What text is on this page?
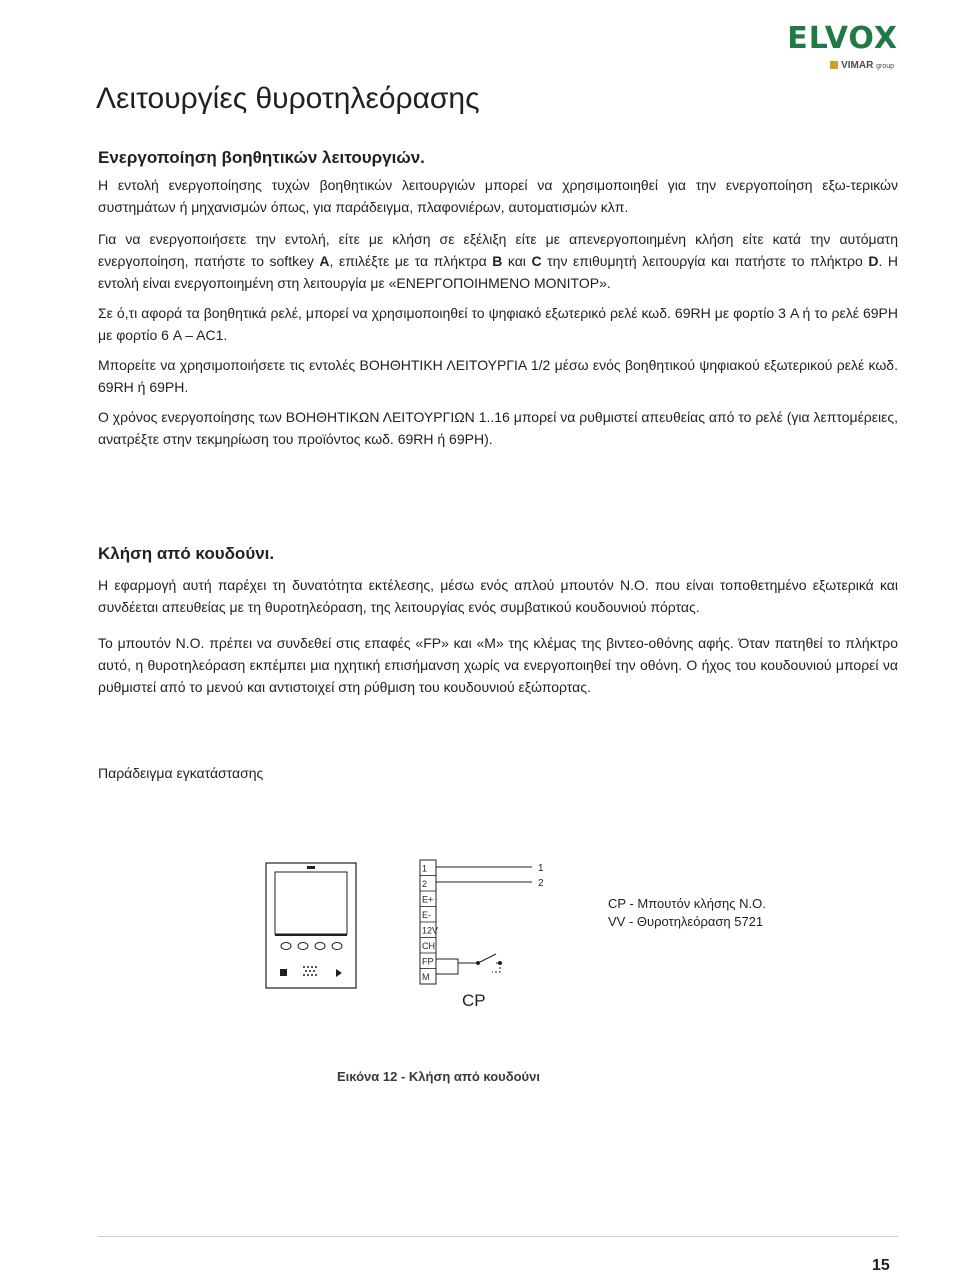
ELVOX
VIMAR group
Λειτουργίες θυροτηλεόρασης
Ενεργοποίηση βοηθητικών λειτουργιών.
Η εντολή ενεργοποίησης τυχών βοηθητικών λειτουργιών μπορεί να χρησιμοποιηθεί για την ενεργοποίηση εξω-τερικών συστημάτων ή μηχανισμών όπως, για παράδειγμα, πλαφονιέρων, αυτοματισμών κλπ.
Για να ενεργοποιήσετε την εντολή, είτε με κλήση σε εξέλιξη είτε με απενεργοποιημένη κλήση είτε κατά την αυτόματη ενεργοποίηση, πατήστε το softkey A, επιλέξτε με τα πλήκτρα B και C την επιθυμητή λειτουργία και πατήστε το πλήκτρο D. Η εντολή είναι ενεργοποιημένη στη λειτουργία με «ΕΝΕΡΓΟΠΟΙΗΜΕΝΟ ΜΟΝΙΤΟΡ».
Σε ό,τι αφορά τα βοηθητικά ρελέ, μπορεί να χρησιμοποιηθεί το ψηφιακό εξωτερικό ρελέ κωδ. 69RH με φορτίο 3 A ή το ρελέ 69PH με φορτίο 6 A – AC1.
Μπορείτε να χρησιμοποιήσετε τις εντολές ΒΟΗΘΗΤΙΚΗ ΛΕΙΤΟΥΡΓΙΑ 1/2 μέσω ενός βοηθητικού ψηφιακού εξωτερικού ρελέ κωδ. 69RH ή 69PH.
Ο χρόνος ενεργοποίησης των ΒΟΗΘΗΤΙΚΩΝ ΛΕΙΤΟΥΡΓΙΩΝ 1..16 μπορεί να ρυθμιστεί απευθείας από το ρελέ (για λεπτομέρειες, ανατρέξτε στην τεκμηρίωση του προϊόντος κωδ. 69RH ή 69PH).
Κλήση από κουδούνι.
Η εφαρμογή αυτή παρέχει τη δυνατότητα εκτέλεσης, μέσω ενός απλού μπουτόν N.O. που είναι τοποθετημένο εξωτερικά και συνδέεται απευθείας με τη θυροτηλεόραση, της λειτουργίας ενός συμβατικού κουδουνιού πόρτας.
Το μπουτόν N.O. πρέπει να συνδεθεί στις επαφές «FP» και «M» της κλέμας της βιντεο-οθόνης αφής. Όταν πατηθεί το πλήκτρο αυτό, η θυροτηλεόραση εκπέμπει μια ηχητική επισήμανση χωρίς να ενεργοποιηθεί την οθόνη. Ο ήχος του κουδουνιού μπορεί να ρυθμιστεί από το μενού και αντιστοιχεί στη ρύθμιση του κουδουνιού εξώπορτας.
Παράδειγμα εγκατάστασης
1
2
E+
E-
12V
CH
FP
M
1
2
CP
CP - Μπουτόν κλήσης N.O.
VV - Θυροτηλεόραση 5721
Εικόνα 12 - Κλήση από κουδούνι
15
